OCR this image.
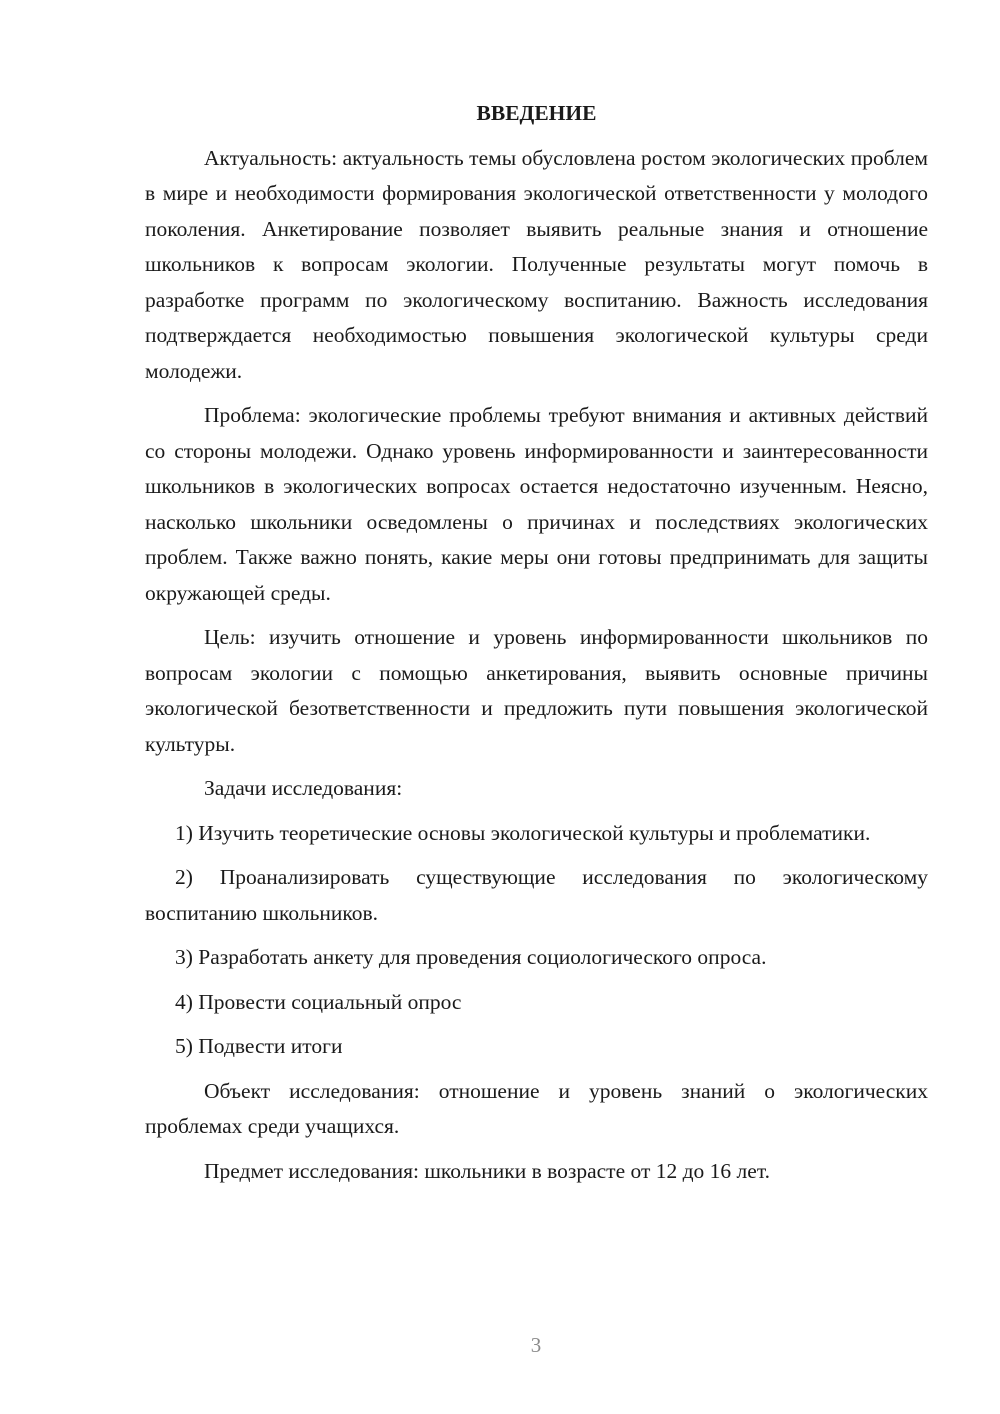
ВВЕДЕНИЕ

Актуальность: актуальность темы обусловлена ростом экологических проблем в мире и необходимости формирования экологической ответственности у молодого поколения. Анкетирование позволяет выявить реальные знания и отношение школьников к вопросам экологии. Полученные результаты могут помочь в разработке программ по экологическому воспитанию. Важность исследования подтверждается необходимостью повышения экологической культуры среди молодежи.

Проблема: экологические проблемы требуют внимания и активных действий со стороны молодежи. Однако уровень информированности и заинтересованности школьников в экологических вопросах остается недостаточно изученным. Неясно, насколько школьники осведомлены о причинах и последствиях экологических проблем. Также важно понять, какие меры они готовы предпринимать для защиты окружающей среды.

Цель: изучить отношение и уровень информированности школьников по вопросам экологии с помощью анкетирования, выявить основные причины экологической безответственности и предложить пути повышения экологической культуры.

Задачи исследования:

1) Изучить теоретические основы экологической культуры и проблематики.

2) Проанализировать существующие исследования по экологическому воспитанию школьников.

3) Разработать анкету для проведения социологического опроса.

4) Провести социальный опрос

5) Подвести итоги

Объект исследования: отношение и уровень знаний о экологических проблемах среди учащихся.

Предмет исследования: школьники в возрасте от 12 до 16 лет.

3
